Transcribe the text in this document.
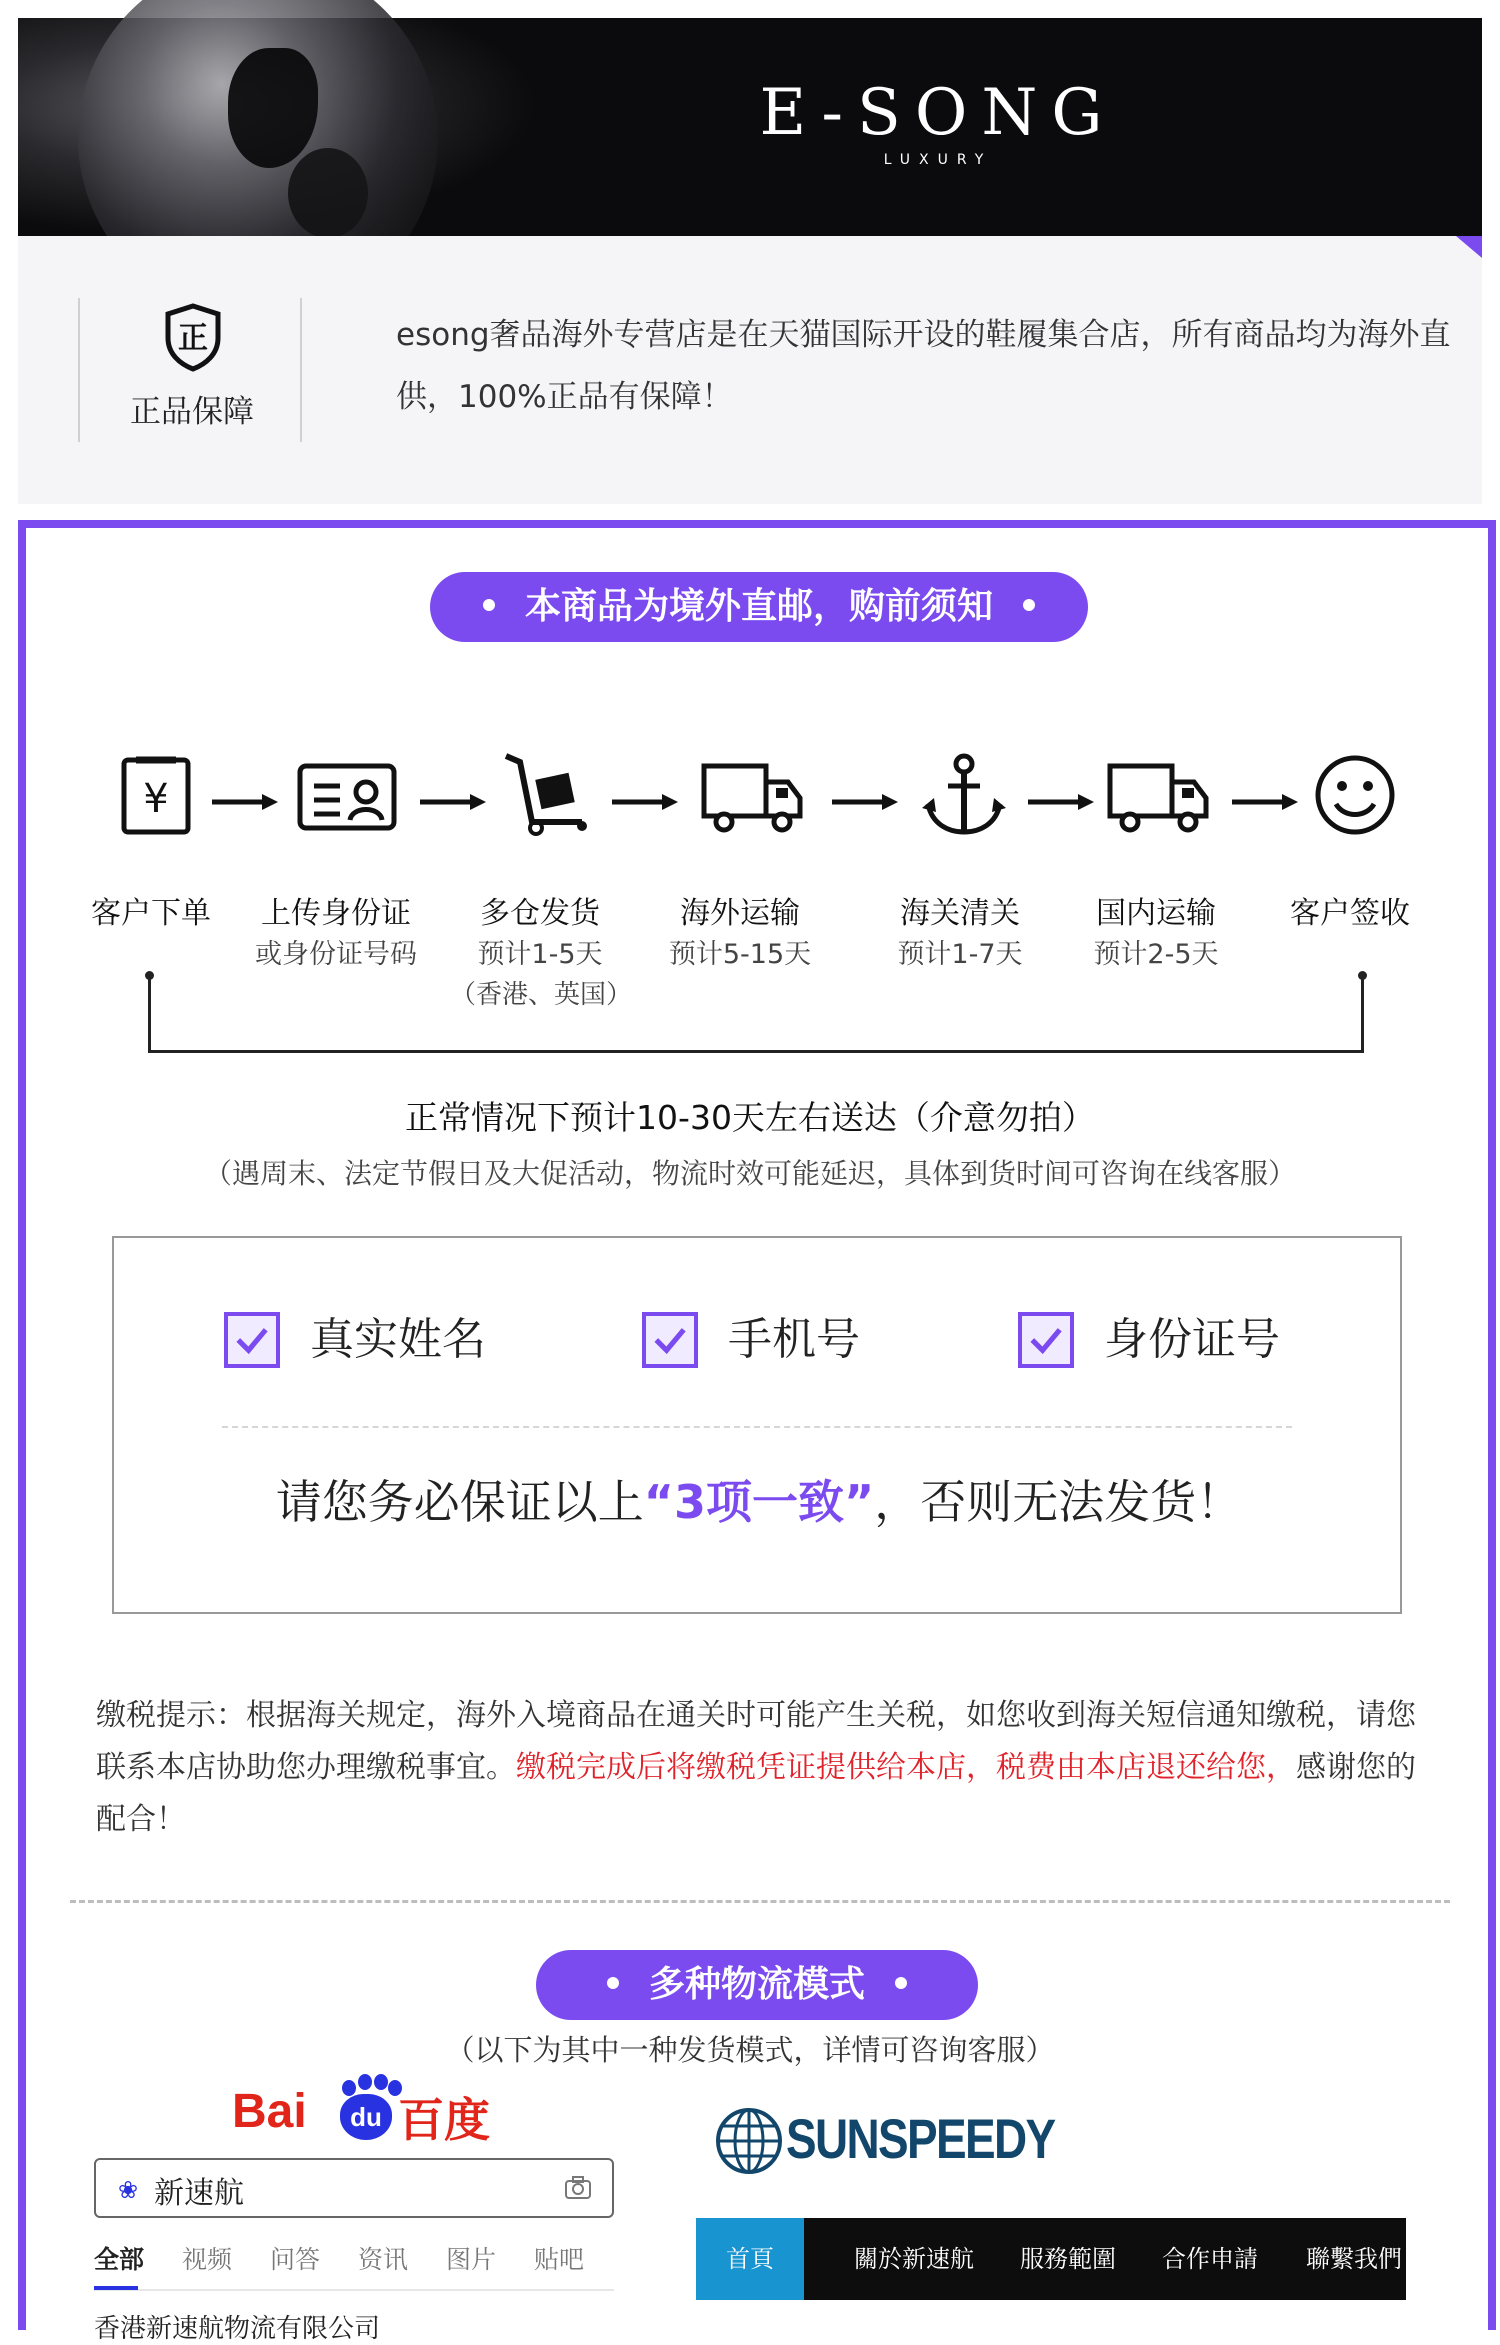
E-SONG
LUXURY
正
正品保障
esong奢品海外专营店是在天猫国际开设的鞋履集合店，所有商品均为海外直供，100%正品有保障！
本商品为境外直邮，购前须知
¥
客户下单	上传身份证	多仓发货	海外运输	海关清关	国内运输	客户签收
或身份证号码	预计1-5天
（香港、英国）
预计5-15天	预计1-7天	预计2-5天
正常情况下预计10-30天左右送达（介意勿拍）
（遇周末、法定节假日及大促活动，物流时效可能延迟，具体到货时间可咨询在线客服）
真实姓名	手机号	身份证号
请您务必保证以上“3项一致”，否则无法发货！
缴税提示：根据海关规定，海外入境商品在通关时可能产生关税，如您收到海关短信通知缴税，请您联系本店协助您办理缴税事宜。缴税完成后将缴税凭证提供给本店，税费由本店退还给您，感谢您的配合！
多种物流模式
（以下为其中一种发货模式，详情可咨询客服）
Bai	du 百度
❀ 新速航
全部 视频 问答 资讯 图片 贴吧
SUNSPEEDY
首頁	關於新速航 服務範圍 合作申請 聯繫我們
